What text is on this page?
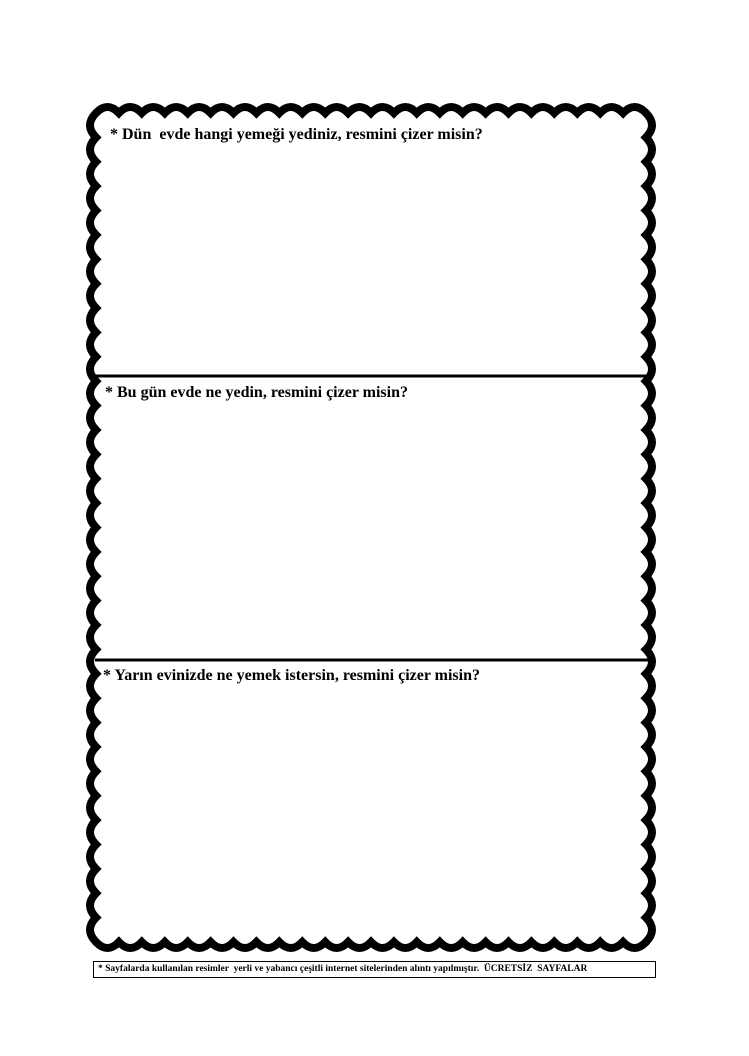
* Dün  evde hangi yemeği yediniz, resmini çizer misin?
* Bu gün evde ne yedin, resmini çizer misin?
* Yarın evinizde ne yemek istersin, resmini çizer misin?
* Sayfalarda kullanılan resimler  yerli ve yabancı çeşitli internet sitelerinden alıntı yapılmıştır.  ÜCRETSİZ  SAYFALAR
